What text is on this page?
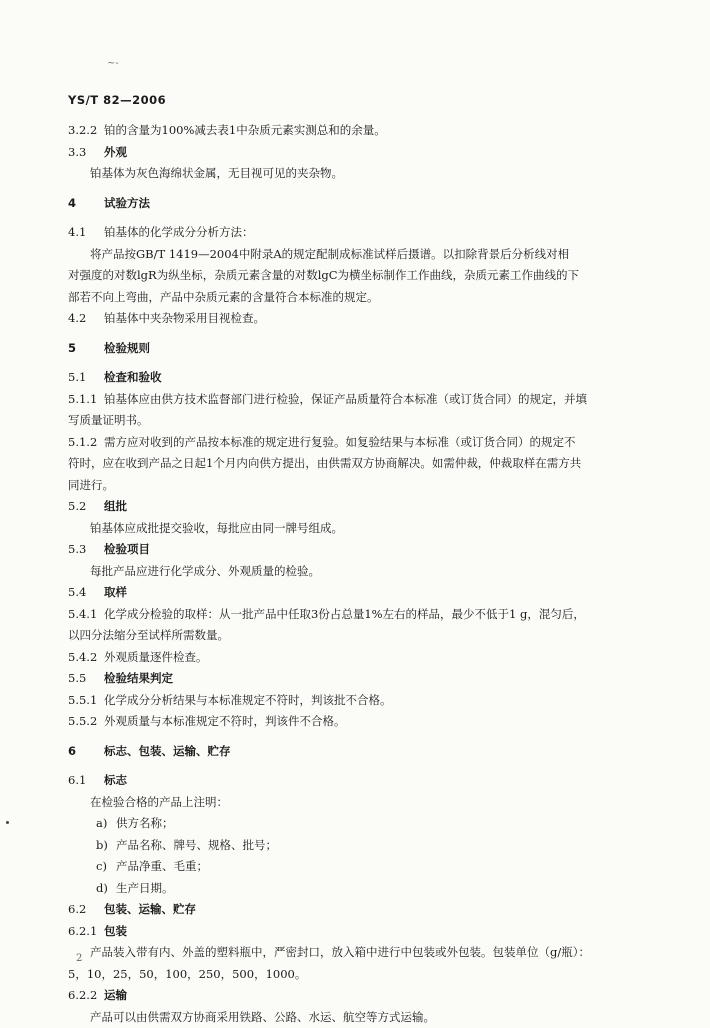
~-
YS/T 82—2006
3.2.2 铂的含量为100%减去表1中杂质元素实测总和的余量。
3.3 外观
铂基体为灰色海绵状金属，无目视可见的夹杂物。
4 试验方法
4.1 铂基体的化学成分分析方法：
将产品按GB/T 1419—2004中附录A的规定配制成标准试样后摄谱。以扣除背景后分析线对相
对强度的对数lgR为纵坐标，杂质元素含量的对数lgC为横坐标制作工作曲线，杂质元素工作曲线的下
部若不向上弯曲，产品中杂质元素的含量符合本标准的规定。
4.2 铂基体中夹杂物采用目视检查。
5 检验规则
5.1 检查和验收
5.1.1 铂基体应由供方技术监督部门进行检验，保证产品质量符合本标准（或订货合同）的规定，并填
写质量证明书。
5.1.2 需方应对收到的产品按本标准的规定进行复验。如复验结果与本标准（或订货合同）的规定不
符时，应在收到产品之日起1个月内向供方提出，由供需双方协商解决。如需仲裁，仲裁取样在需方共
同进行。
5.2 组批
铂基体应成批提交验收，每批应由同一牌号组成。
5.3 检验项目
每批产品应进行化学成分、外观质量的检验。
5.4 取样
5.4.1 化学成分检验的取样：从一批产品中任取3份占总量1%左右的样品，最少不低于1 g，混匀后，
以四分法缩分至试样所需数量。
5.4.2 外观质量逐件检查。
5.5 检验结果判定
5.5.1 化学成分分析结果与本标准规定不符时，判该批不合格。
5.5.2 外观质量与本标准规定不符时，判该件不合格。
6 标志、包装、运输、贮存
6.1 标志
在检验合格的产品上注明：
a) 供方名称；
b) 产品名称、牌号、规格、批号；
c) 产品净重、毛重；
d) 生产日期。
6.2 包装、运输、贮存
6.2.1 包装
产品装入带有内、外盖的塑料瓶中，严密封口，放入箱中进行中包装或外包装。包装单位（g/瓶）：
5，10，25，50，100，250，500，1000。
6.2.2 运输
产品可以由供需双方协商采用铁路、公路、水运、航空等方式运输。
2
